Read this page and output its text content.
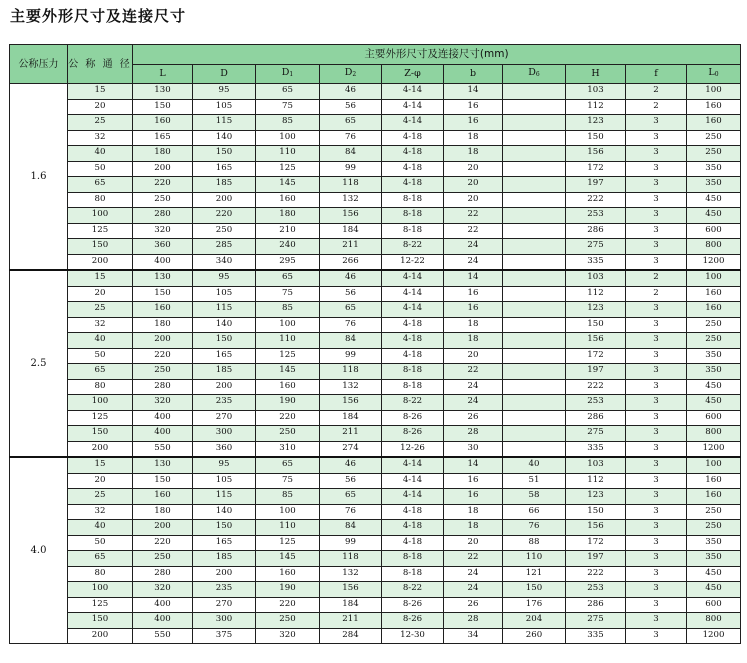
主要外形尺寸及连接尺寸
公称压力	公 称 通 径	主要外形尺寸及连接尺寸(mm)									
		L	D	D1	D2	Z-φ	b	D6	H	f	L0
1.6	15	130	95	65	46	4-14	14		103	2	100
	20	150	105	75	56	4-14	16		112	2	160
	25	160	115	85	65	4-14	16		123	3	160
	32	165	140	100	76	4-18	18		150	3	250
	40	180	150	110	84	4-18	18		156	3	250
	50	200	165	125	99	4-18	20		172	3	350
	65	220	185	145	118	4-18	20		197	3	350
	80	250	200	160	132	8-18	20		222	3	450
	100	280	220	180	156	8-18	22		253	3	450
	125	320	250	210	184	8-18	22		286	3	600
	150	360	285	240	211	8-22	24		275	3	800
	200	400	340	295	266	12-22	24		335	3	1200
2.5	15	130	95	65	46	4-14	14		103	2	100
	20	150	105	75	56	4-14	16		112	2	160
	25	160	115	85	65	4-14	16		123	3	160
	32	180	140	100	76	4-18	18		150	3	250
	40	200	150	110	84	4-18	18		156	3	250
	50	220	165	125	99	4-18	20		172	3	350
	65	250	185	145	118	8-18	22		197	3	350
	80	280	200	160	132	8-18	24		222	3	450
	100	320	235	190	156	8-22	24		253	3	450
	125	400	270	220	184	8-26	26		286	3	600
	150	400	300	250	211	8-26	28		275	3	800
	200	550	360	310	274	12-26	30		335	3	1200
4.0	15	130	95	65	46	4-14	14	40	103	3	100
	20	150	105	75	56	4-14	16	51	112	3	160
	25	160	115	85	65	4-14	16	58	123	3	160
	32	180	140	100	76	4-18	18	66	150	3	250
	40	200	150	110	84	4-18	18	76	156	3	250
	50	220	165	125	99	4-18	20	88	172	3	350
	65	250	185	145	118	8-18	22	110	197	3	350
	80	280	200	160	132	8-18	24	121	222	3	450
	100	320	235	190	156	8-22	24	150	253	3	450
	125	400	270	220	184	8-26	26	176	286	3	600
	150	400	300	250	211	8-26	28	204	275	3	800
	200	550	375	320	284	12-30	34	260	335	3	1200
